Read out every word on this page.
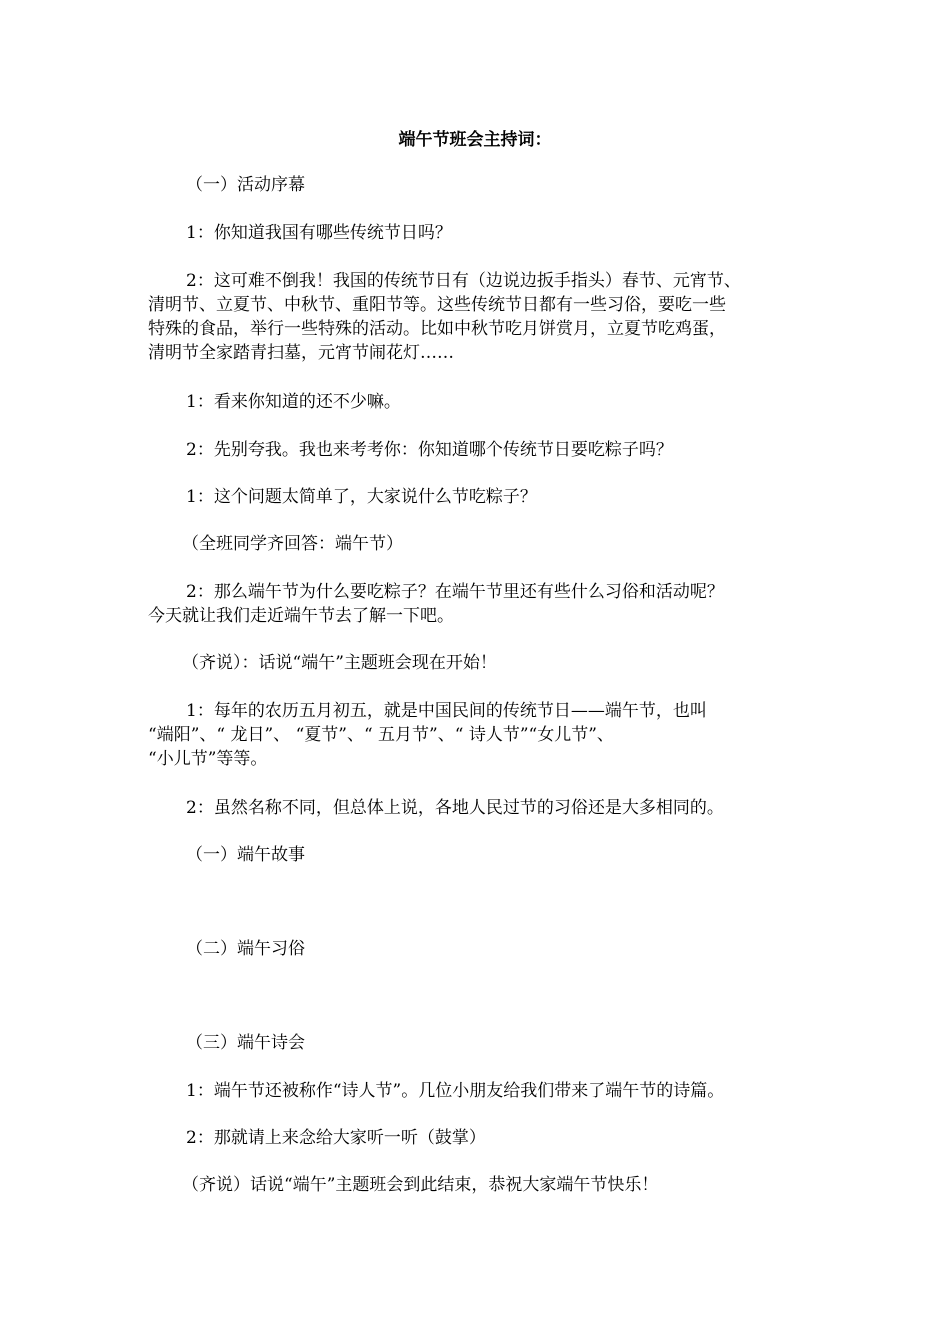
端午节班会主持词：
（一）活动序幕
1：你知道我国有哪些传统节日吗？
2：这可难不倒我！我国的传统节日有（边说边扳手指头）春节、元宵节、
清明节、立夏节、中秋节、重阳节等。这些传统节日都有一些习俗，要吃一些
特殊的食品，举行一些特殊的活动。比如中秋节吃月饼赏月，立夏节吃鸡蛋，
清明节全家踏青扫墓，元宵节闹花灯……
1：看来你知道的还不少嘛。
2：先别夸我。我也来考考你：你知道哪个传统节日要吃粽子吗？
1：这个问题太简单了，大家说什么节吃粽子？
（全班同学齐回答：端午节）
2：那么端午节为什么要吃粽子？在端午节里还有些什么习俗和活动呢？
今天就让我们走近端午节去了解一下吧。
（齐说）：话说“端午”主题班会现在开始！
1：每年的农历五月初五，就是中国民间的传统节日——端午节，也叫
“端阳”、“ 龙日”、 “夏节”、“ 五月节”、“ 诗人节”“女儿节”、
“小儿节”等等。
2：虽然名称不同，但总体上说，各地人民过节的习俗还是大多相同的。
（一）端午故事
（二）端午习俗
（三）端午诗会
1：端午节还被称作“诗人节”。几位小朋友给我们带来了端午节的诗篇。
2：那就请上来念给大家听一听（鼓掌）
（齐说）话说“端午”主题班会到此结束，恭祝大家端午节快乐！
